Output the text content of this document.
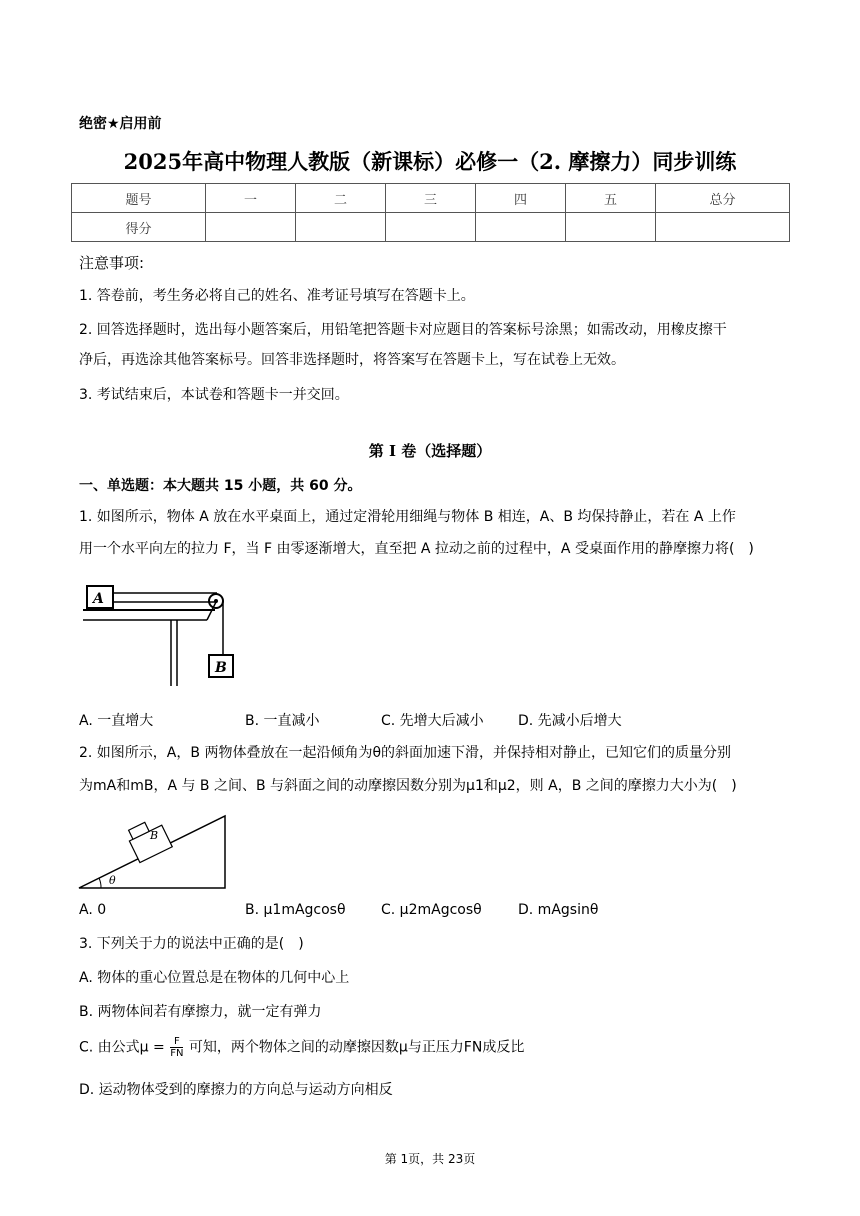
绝密★启用前
2025年高中物理人教版（新课标）必修一（2. 摩擦力）同步训练
题号	一	二	三	四	五	总分
得分						
注意事项:
1. 答卷前，考生务必将自己的姓名、准考证号填写在答题卡上。
2. 回答选择题时，选出每小题答案后，用铅笔把答题卡对应题目的答案标号涂黑；如需改动，用橡皮擦干
净后，再选涂其他答案标号。回答非选择题时，将答案写在答题卡上，写在试卷上无效。
3. 考试结束后，本试卷和答题卡一并交回。
第 I 卷（选择题）
一、单选题：本大题共 15 小题，共 60 分。
1. 如图所示，物体 A 放在水平桌面上，通过定滑轮用细绳与物体 B 相连，A、B 均保持静止，若在 A 上作
用一个水平向左的拉力 F，当 F 由零逐渐增大，直至把 A 拉动之前的过程中，A 受桌面作用的静摩擦力将(　)
A
B
A. 一直增大	B. 一直减小	C. 先增大后减小 D. 先减小后增大
2. 如图所示，A，B 两物体叠放在一起沿倾角为θ的斜面加速下滑，并保持相对静止，已知它们的质量分别
为mA和mB，A 与 B 之间、B 与斜面之间的动摩擦因数分别为μ1和μ2，则 A，B 之间的摩擦力大小为(　)
B
θ
A. 0	B. μ1mAgcosθ	C. μ2mAgcosθ	D. mAgsinθ
3. 下列关于力的说法中正确的是(　)
A. 物体的重心位置总是在物体的几何中心上
B. 两物体间若有摩擦力，就一定有弹力
C. 由公式$\mu = \frac{F}{FN}$ 可知，两个物体之间的动摩擦因数μ与正压力FN成反比
D. 运动物体受到的摩擦力的方向总与运动方向相反
第 1页，共 23页
